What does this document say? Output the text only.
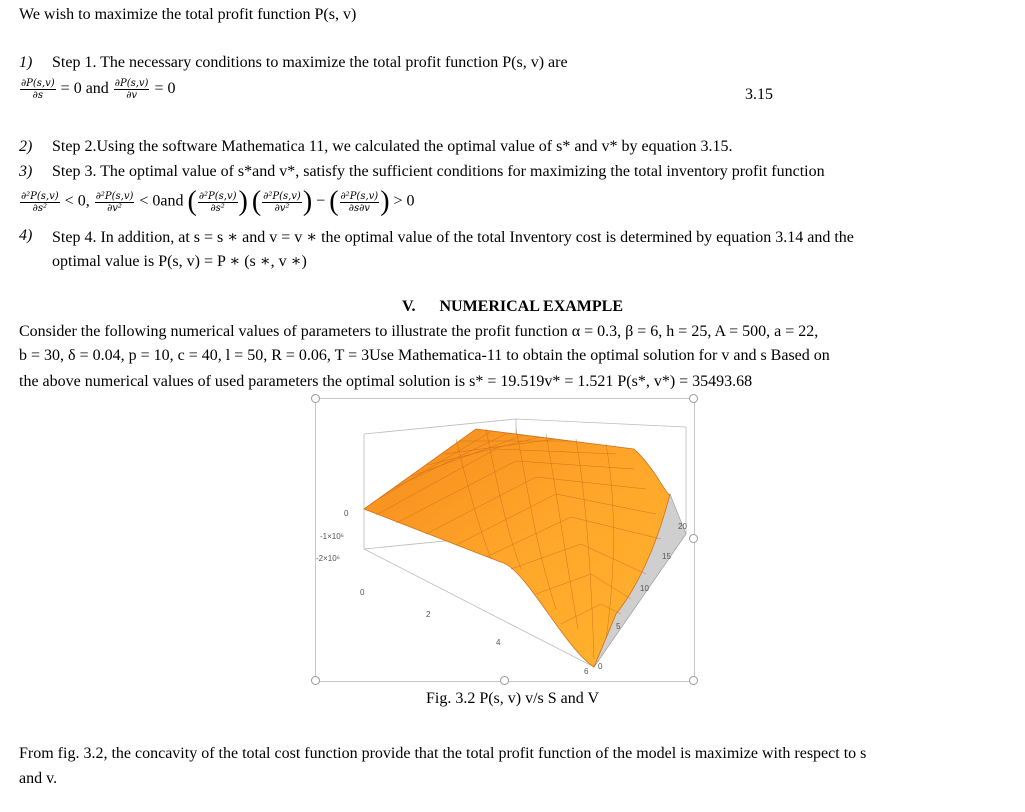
We wish to maximize the total profit function P(s, v)
1) Step 1. The necessary conditions to maximize the total profit function P(s, v) are
$\frac{\partial P(s,v)}{\partial s} = 0$ and $\frac{\partial P(s,v)}{\partial v} = 0$	3.15
2) Step 2.Using the software Mathematica 11, we calculated the optimal value of s* and v* by equation 3.15.
3) Step 3. The optimal value of s*and v*, satisfy the sufficient conditions for maximizing the total inventory profit function
$\frac{\text{∂²P(s,v)}}{\text{∂s²}} < 0$, $\frac{\text{∂²P(s,v)}}{\text{∂v²}} < 0and$ ( $\frac{\text{∂²P(s,v)}}{\text{∂s²}}$ ) ( $\frac{\text{∂²P(s,v)}}{\text{∂v²}}$ ) − ( $\frac{\text{∂²P(s,v)}}{\partial s\partial v}$ ) > 0
4) Step 4. In addition, at s = s ∗ and v = v ∗ the optimal value of the total Inventory cost is determined by equation 3.14 and the
optimal value is P(s, v) = P ∗ (s ∗, v ∗)
V.      NUMERICAL EXAMPLE
Consider the following numerical values of parameters to illustrate the profit function α = 0.3, β = 6, h = 25, A = 500, a = 22,
b = 30, δ = 0.04, p = 10, c = 40, l = 50, R = 0.06, T = 3Use Mathematica-11 to obtain the optimal solution for v and s Based on
the above numerical values of used parameters the optimal solution is s* = 19.519v* = 1.521 P(s*, v*) = 35493.68
0
-1×10⁶
-2×10⁶
0
2
4
6
0
5
10
15
20
Fig. 3.2 P(s, v) v/s S and V
From fig. 3.2, the concavity of the total cost function provide that the total profit function of the model is maximize with respect to s
and v.
